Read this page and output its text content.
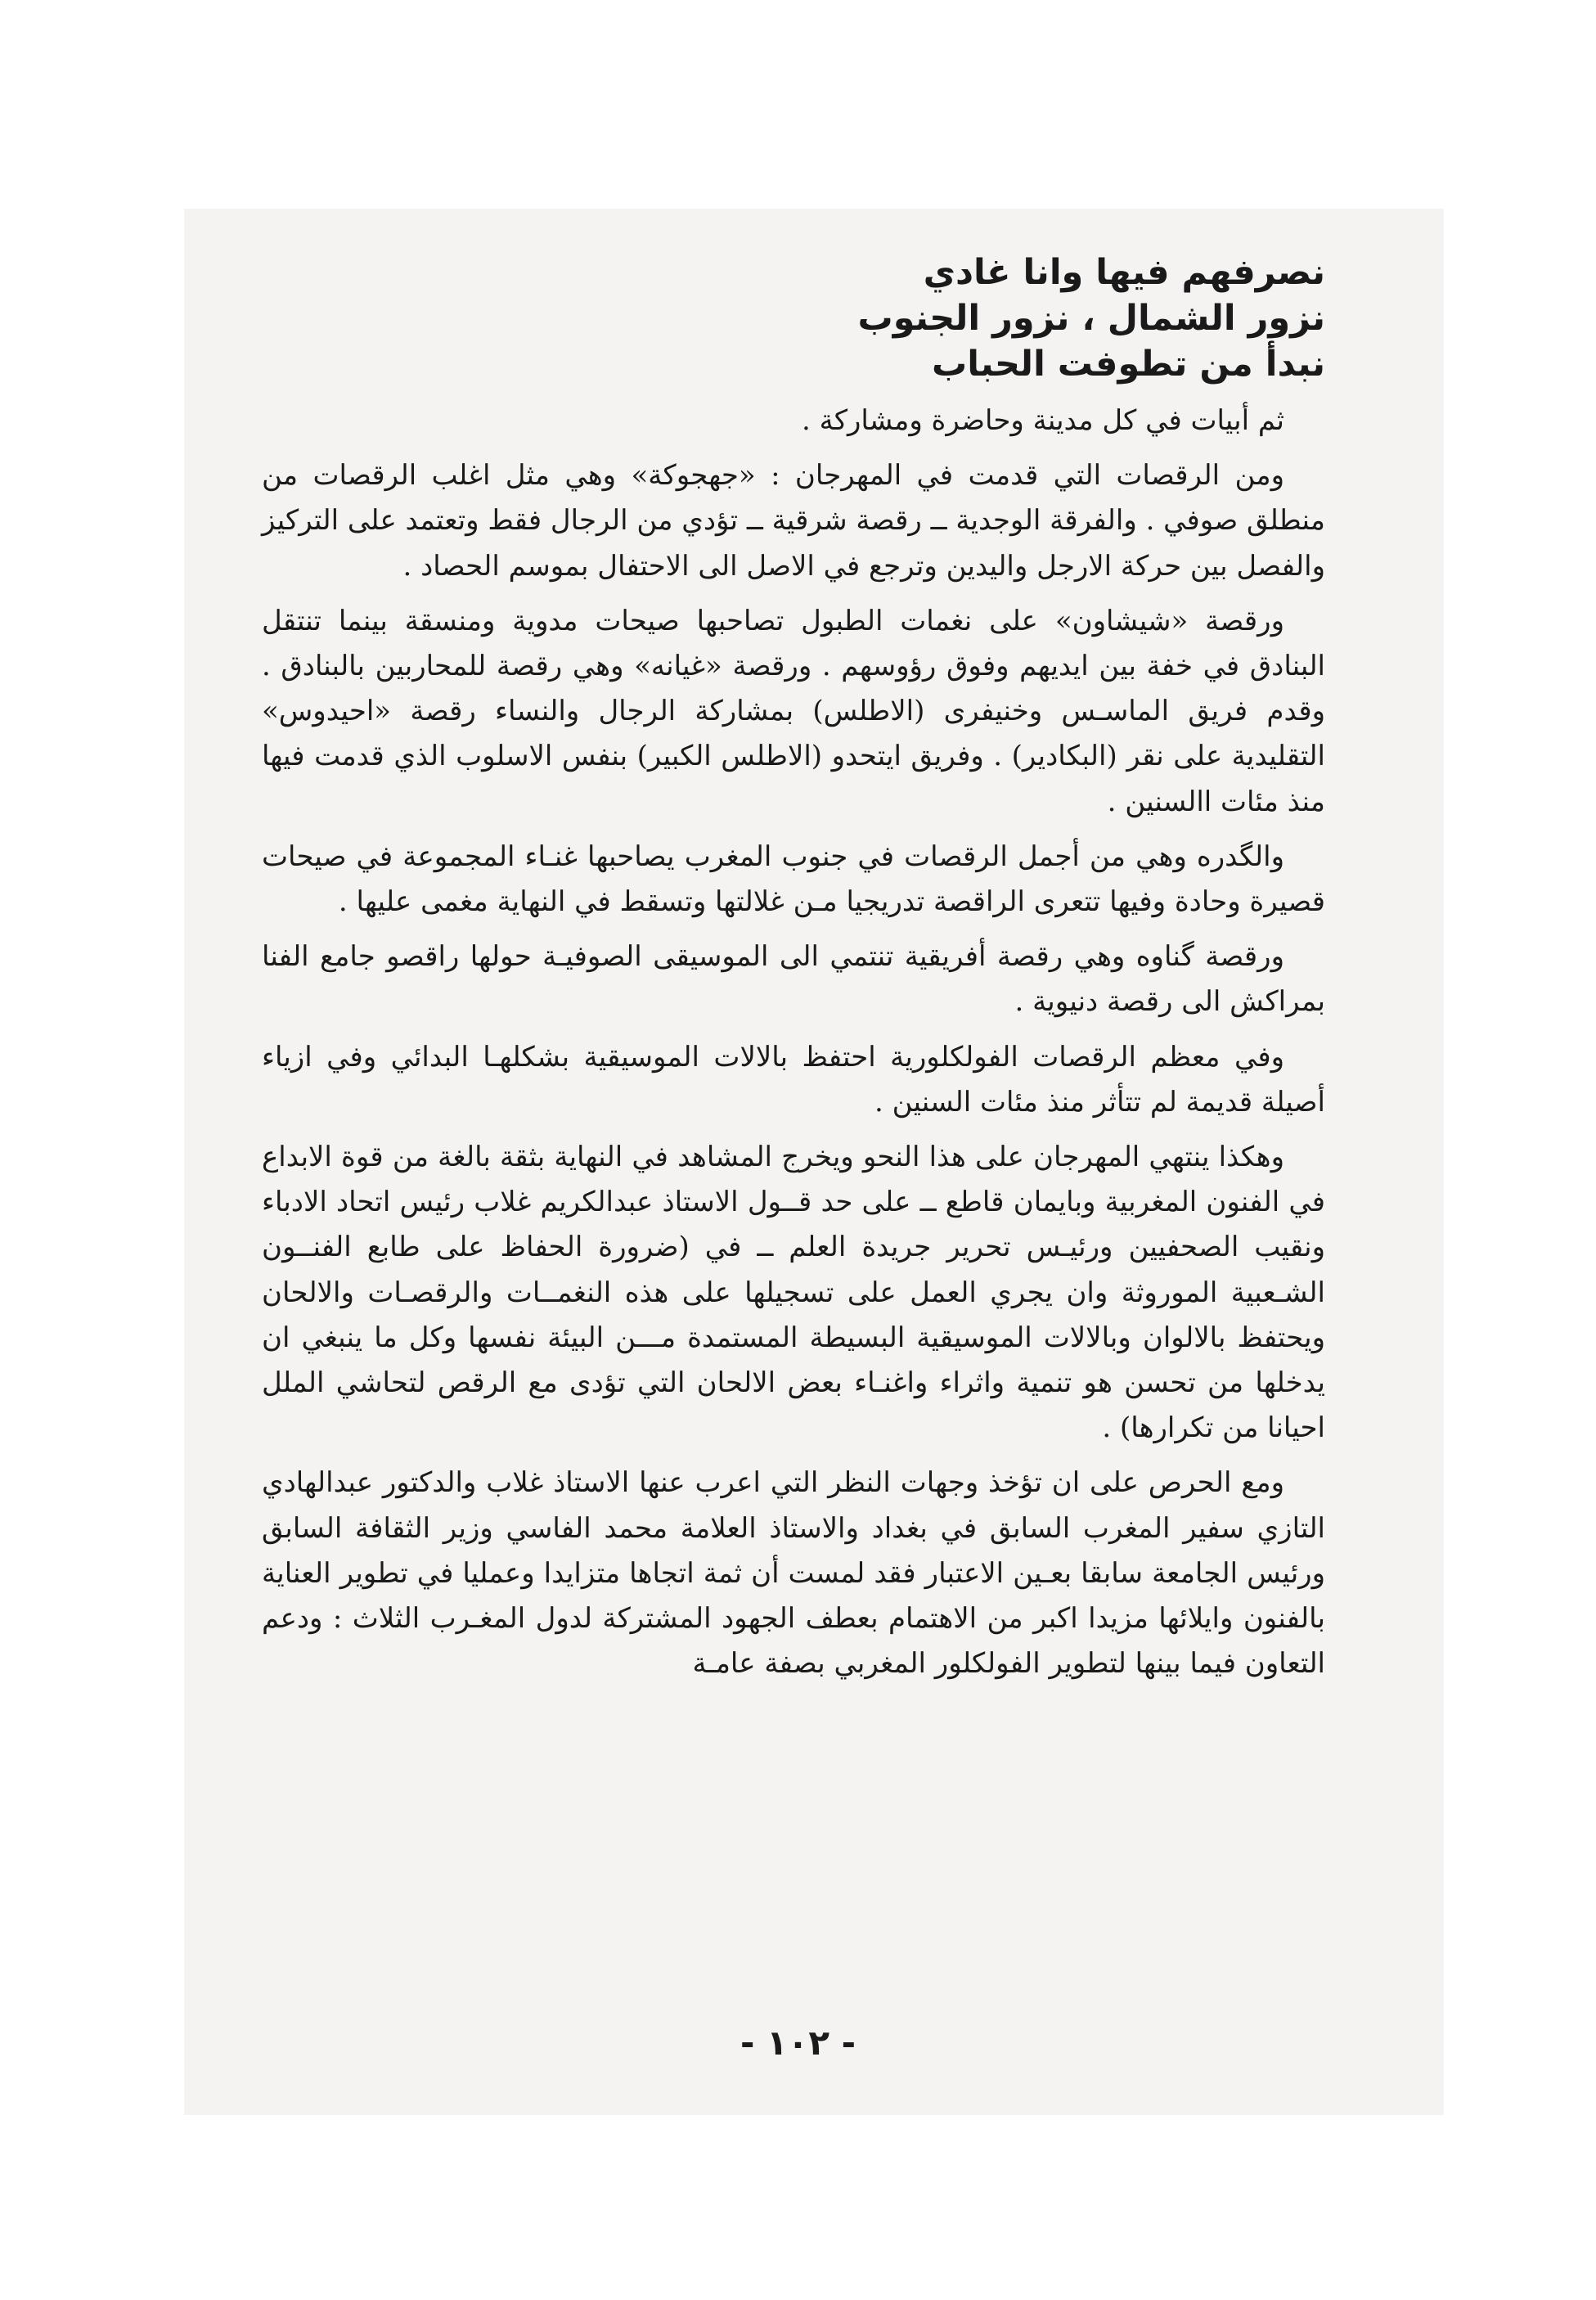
نصرفهم فيها وانا غادي
نزور الشمال ، نزور الجنوب
نبدأ من تطوفت الحباب

ثم أبيات في كل مدينة وحاضرة ومشاركة .

ومن الرقصات التي قدمت في المهرجان : «جهجوكة» وهي مثل اغلب الرقصات من منطلق صوفي . والفرقة الوجدية ــ رقصة شرقية ــ تؤدي من الرجال فقط وتعتمد على التركيز والفصل بين حركة الارجل واليدين وترجع في الاصل الى الاحتفال بموسم الحصاد .

ورقصة «شيشاون» على نغمات الطبول تصاحبها صيحات مدوية ومنسقة بينما تنتقل البنادق في خفة بين ايديهم وفوق رؤوسهم . ورقصة «غيانه» وهي رقصة للمحاربين بالبنادق . وقدم فريق الماسـس وخنيفرى (الاطلس) بمشاركة الرجال والنساء رقصة «احيدوس» التقليدية على نقر (البكادير) . وفريق ايتحدو (الاطلس الكبير) بنفس الاسلوب الذي قدمت فيها منذ مئات االسنين .

والگدره وهي من أجمل الرقصات في جنوب المغرب يصاحبها غنـاء المجموعة في صيحات قصيرة وحادة وفيها تتعرى الراقصة تدريجيا مـن غلالتها وتسقط في النهاية مغمى عليها .

ورقصة گناوه وهي رقصة أفريقية تنتمي الى الموسيقى الصوفيـة حولها راقصو جامع الفنا بمراكش الى رقصة دنيوية .

وفي معظم الرقصات الفولكلورية احتفظ بالالات الموسيقية بشكلهـا البدائي وفي ازياء أصيلة قديمة لم تتأثر منذ مئات السنين .

وهكذا ينتهي المهرجان على هذا النحو ويخرج المشاهد في النهاية بثقة بالغة من قوة الابداع في الفنون المغربية وبايمان قاطع ــ على حد قــول الاستاذ عبدالكريم غلاب رئيس اتحاد الادباء ونقيب الصحفيين ورئيـس تحرير جريدة العلم ــ في (ضرورة الحفاظ على طابع الفنــون الشـعبية الموروثة وان يجري العمل على تسجيلها على هذه النغمــات والرقصـات والالحان ويحتفظ بالالوان وبالالات الموسيقية البسيطة المستمدة مـــن البيئة نفسها وكل ما ينبغي ان يدخلها من تحسن هو تنمية واثراء واغنـاء بعض الالحان التي تؤدى مع الرقص لتحاشي الملل احيانا من تكرارها) .

ومع الحرص على ان تؤخذ وجهات النظر التي اعرب عنها الاستاذ غلاب والدكتور عبدالهادي التازي سفير المغرب السابق في بغداد والاستاذ العلامة محمد الفاسي وزير الثقافة السابق ورئيس الجامعة سابقا بعـين الاعتبار فقد لمست أن ثمة اتجاها متزايدا وعمليا في تطوير العناية بالفنون وايلائها مزيدا اكبر من الاهتمام بعطف الجهود المشتركة لدول المغـرب الثلاث : ودعم التعاون فيما بينها لتطوير الفولكلور المغربي بصفة عامـة

- ١٠٢ -
